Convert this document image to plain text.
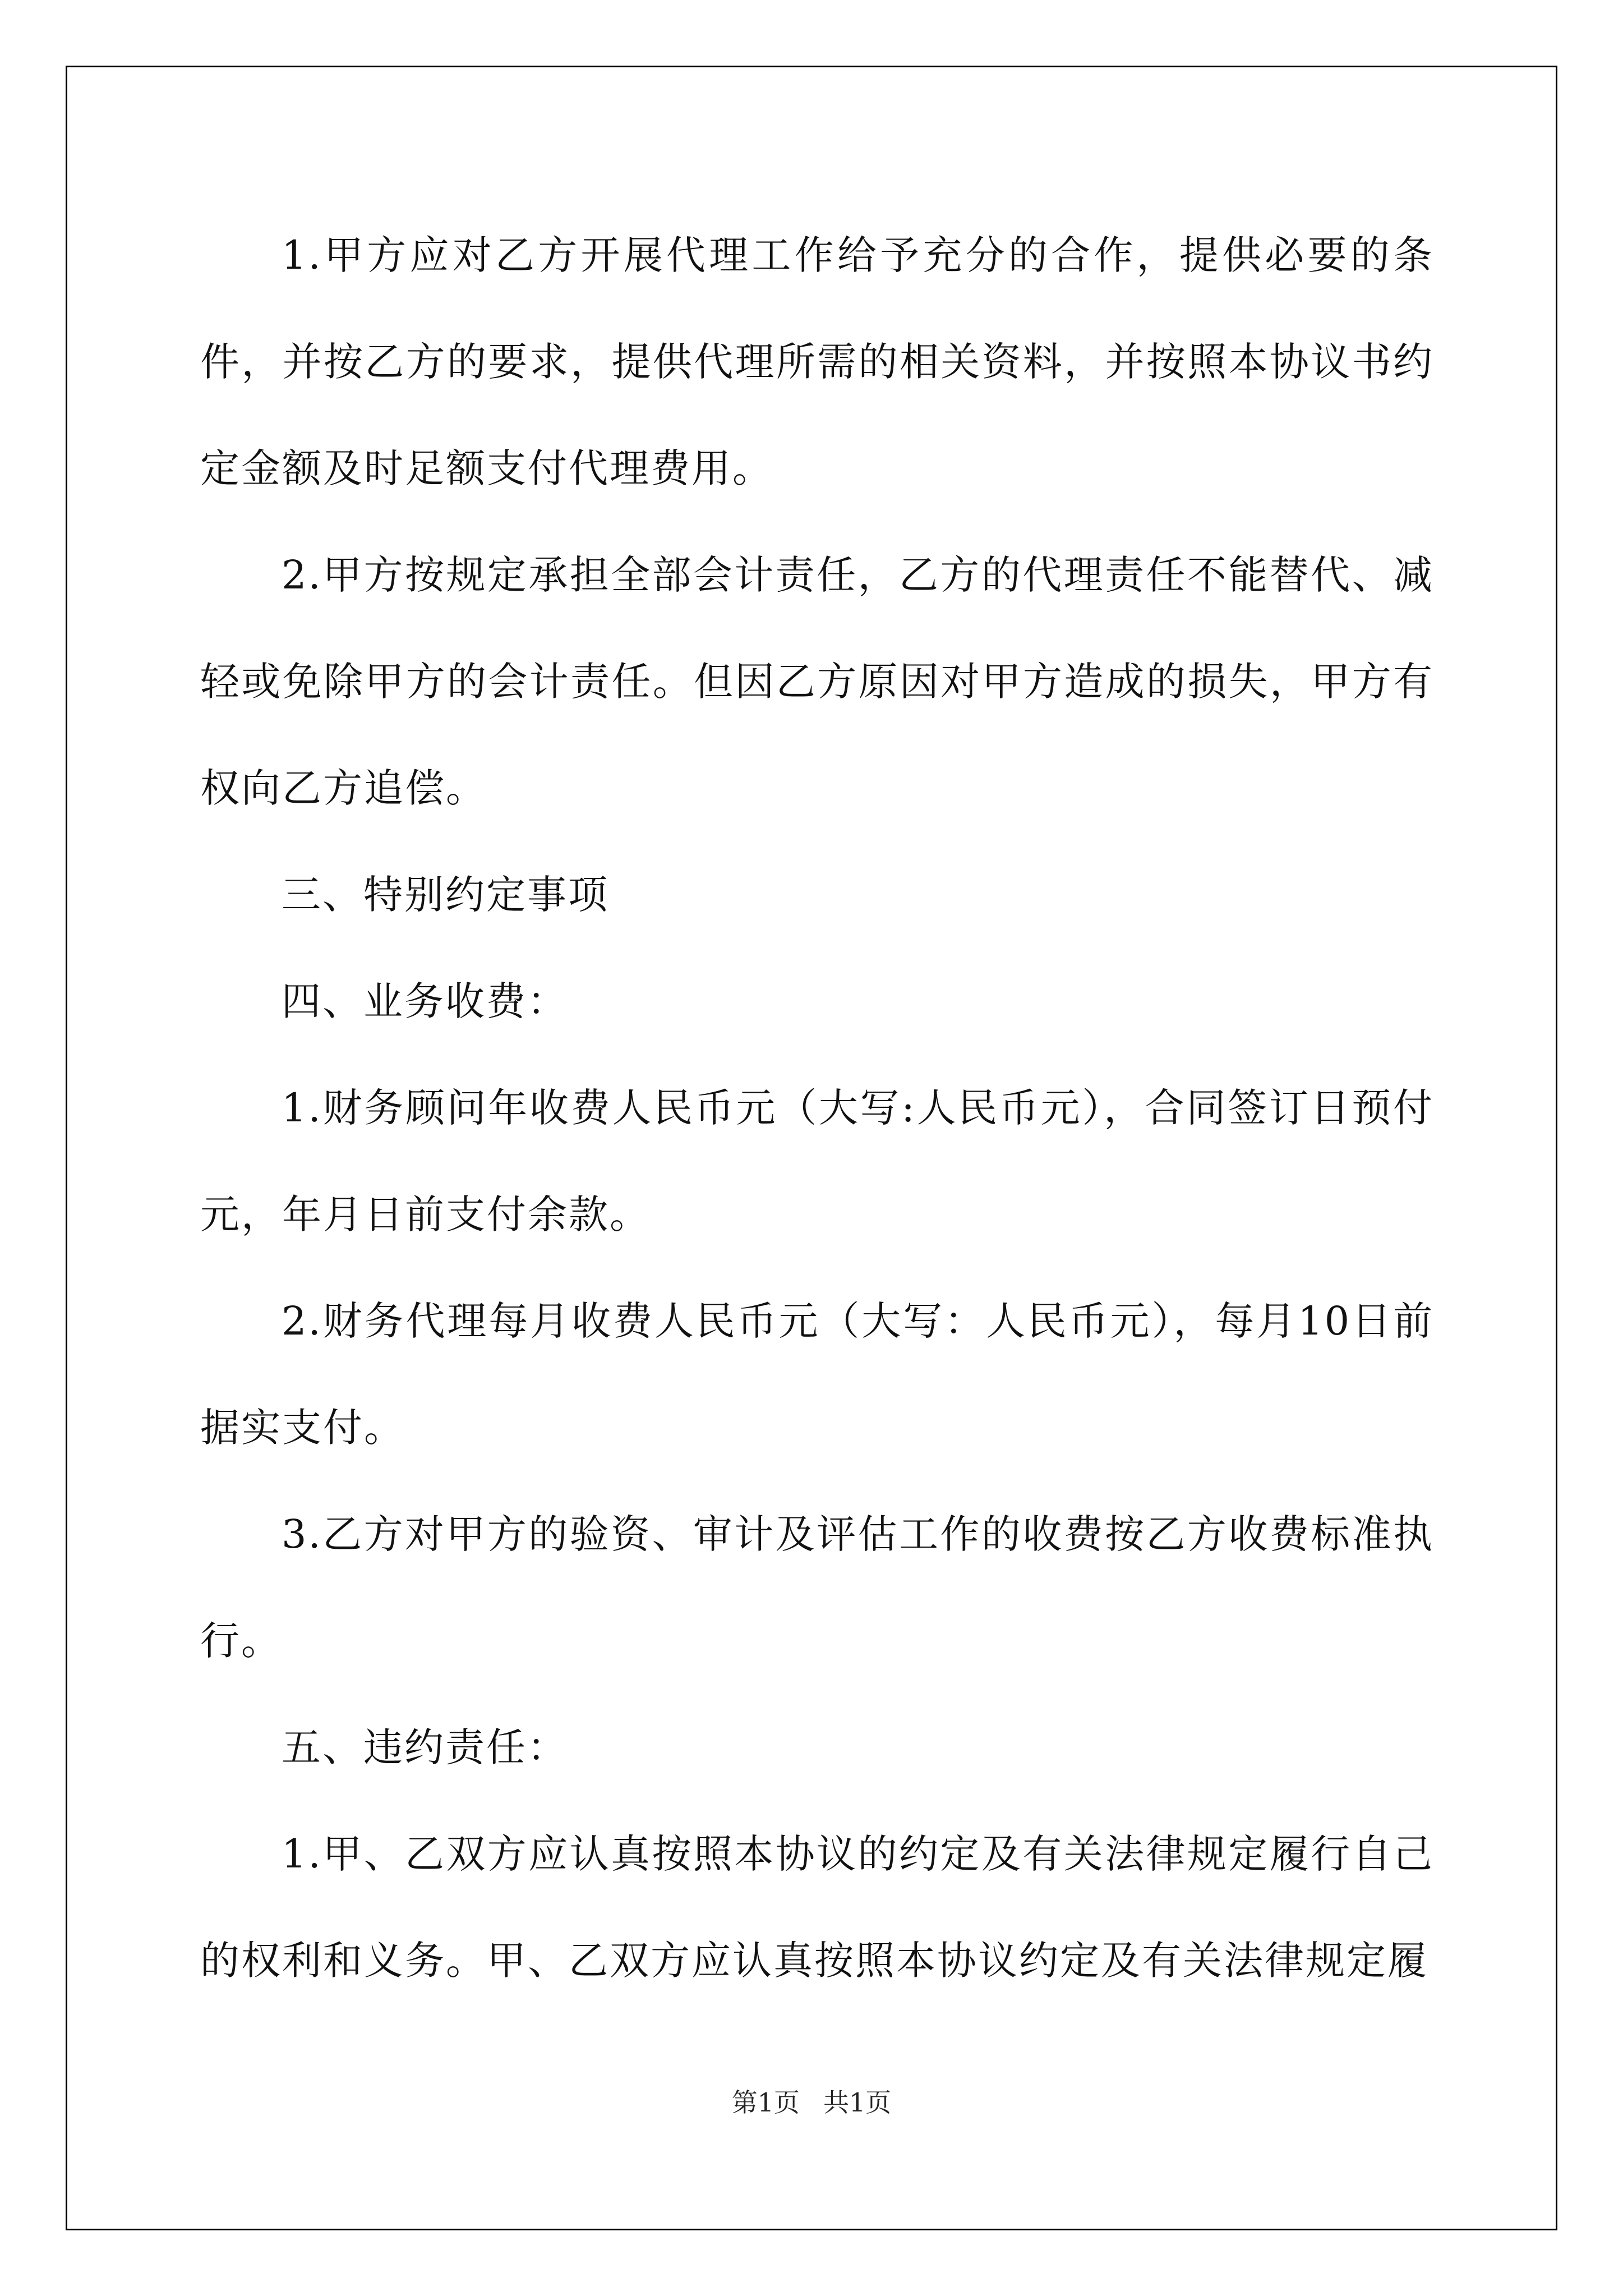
1.甲方应对乙方开展代理工作给予充分的合作，提供必要的条件，并按乙方的要求，提供代理所需的相关资料，并按照本协议书约定金额及时足额支付代理费用。

2.甲方按规定承担全部会计责任，乙方的代理责任不能替代、减轻或免除甲方的会计责任。但因乙方原因对甲方造成的损失，甲方有权向乙方追偿。

三、特别约定事项

四、业务收费：

1.财务顾问年收费人民币元（大写:人民币元），合同签订日预付元，年月日前支付余款。

2.财务代理每月收费人民币元（大写：人民币元），每月10日前据实支付。

3.乙方对甲方的验资、审计及评估工作的收费按乙方收费标准执行。

五、违约责任：

1.甲、乙双方应认真按照本协议的约定及有关法律规定履行自己的权利和义务。甲、乙双方应认真按照本协议约定及有关法律规定履

第1页 共1页
